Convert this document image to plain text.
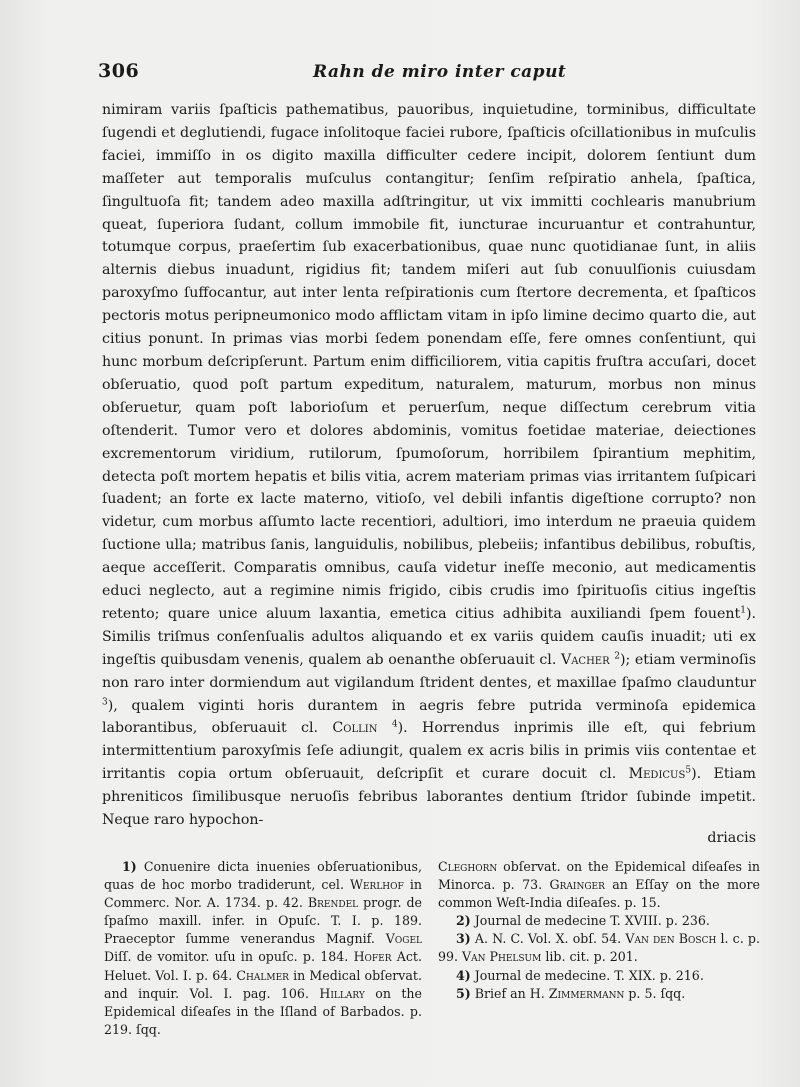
306	Rahn de miro inter caput

nimiram variis ſpaſticis pathematibus, pauoribus, inquietudine, torminibus, difficultate ſugendi et deglutiendi, fugace inſolitoque faciei rubore, ſpaſticis oſcillationibus in muſculis faciei, immiſſo in os digito maxilla difficulter cedere incipit, dolorem ſentiunt dum maſſeter aut temporalis muſculus contangitur; ſenſim reſpiratio anhela, ſpaſtica, ſingultuoſa fit; tandem adeo maxilla adſtringitur, ut vix immitti cochlearis manubrium queat, ſuperiora ſudant, collum immobile fit, iuncturae incuruantur et contrahuntur, totumque corpus, praeſertim ſub exacerbationibus, quae nunc quotidianae ſunt, in aliis alternis diebus inuadunt, rigidius fit; tandem miſeri aut ſub conuulſionis cuiusdam paroxyſmo ſuffocantur, aut inter lenta reſpirationis cum ſtertore decrementa, et ſpaſticos pectoris motus peripneumonico modo afflictam vitam in ipſo limine decimo quarto die, aut citius ponunt. In primas vias morbi ſedem ponendam eſſe, fere omnes conſentiunt, qui hunc morbum deſcripſerunt. Partum enim difficiliorem, vitia capitis fruſtra accuſari, docet obſeruatio, quod poſt partum expeditum, naturalem, maturum, morbus non minus obſeruetur, quam poſt laborioſum et peruerſum, neque diſſectum cerebrum vitia oſtenderit. Tumor vero et dolores abdominis, vomitus foetidae materiae, deiectiones excrementorum viridium, rutilorum, ſpumoſorum, horribilem ſpirantium mephitim, detecta poſt mortem hepatis et bilis vitia, acrem materiam primas vias irritantem ſuſpicari ſuadent; an forte ex lacte materno, vitioſo, vel debili infantis digeſtione corrupto? non videtur, cum morbus aſſumto lacte recentiori, adultiori, imo interdum ne praeuia quidem ſuctione ulla; matribus ſanis, languidulis, nobilibus, plebeiis; infantibus debilibus, robuſtis, aeque acceſſerit. Comparatis omnibus, cauſa videtur ineſſe meconio, aut medicamentis educi neglecto, aut a regimine nimis frigido, cibis crudis imo ſpirituoſis citius ingeſtis retento; quare unice aluum laxantia, emetica citius adhibita auxiliandi ſpem fouent$^1$). Similis triſmus conſenſualis adultos aliquando et ex variis quidem cauſis inuadit; uti ex ingeſtis quibusdam venenis, qualem ab oenanthe obſeruauit cl. Vacher $^2$); etiam verminoſis non raro inter dormiendum aut vigilandum ſtrident dentes, et maxillae ſpaſmo clauduntur $^3$), qualem viginti horis durantem in aegris febre putrida verminoſa epidemica laborantibus, obſeruauit cl. Collin $^4$). Horrendus inprimis ille eſt, qui febrium intermittentium paroxyſmis ſeſe adiungit, qualem ex acris bilis in primis viis contentae et irritantis copia ortum obſeruauit, deſcripſit et curare docuit cl. Medicus$^5$). Etiam phreniticos ſimilibusque neruoſis febribus laborantes dentium ſtridor ſubinde impetit. Neque raro hypochon-

driacis

1) Conuenire dicta inuenies obſeruationibus, quas de hoc morbo tradiderunt, cel. Werlhof in Commerc. Nor. A. 1734. p. 42. Brendel progr. de ſpaſmo maxill. infer. in Opuſc. T. I. p. 189. Praeceptor ſumme venerandus Magnif. Vogel Diſſ. de vomitor. uſu in opuſc. p. 184. Hofer Act. Heluet. Vol. I. p. 64. Chalmer in Medical obſervat. and inquir. Vol. I. pag. 106. Hillary on the Epidemical diſeaſes in the Iſland of Barbados. p. 219. ſqq.

Cleghorn obſervat. on the Epidemical diſeaſes in Minorca. p. 73. Grainger an Eſſay on the more common Weſt-India diſeaſes. p. 15.

2) Journal de medecine T. XVIII. p. 236.

3) A. N. C. Vol. X. obſ. 54. Van den Bosch l. c. p. 99. Van Phelsum lib. cit. p. 201.

4) Journal de medecine. T. XIX. p. 216.

5) Brief an H. Zimmermann p. 5. ſqq.
